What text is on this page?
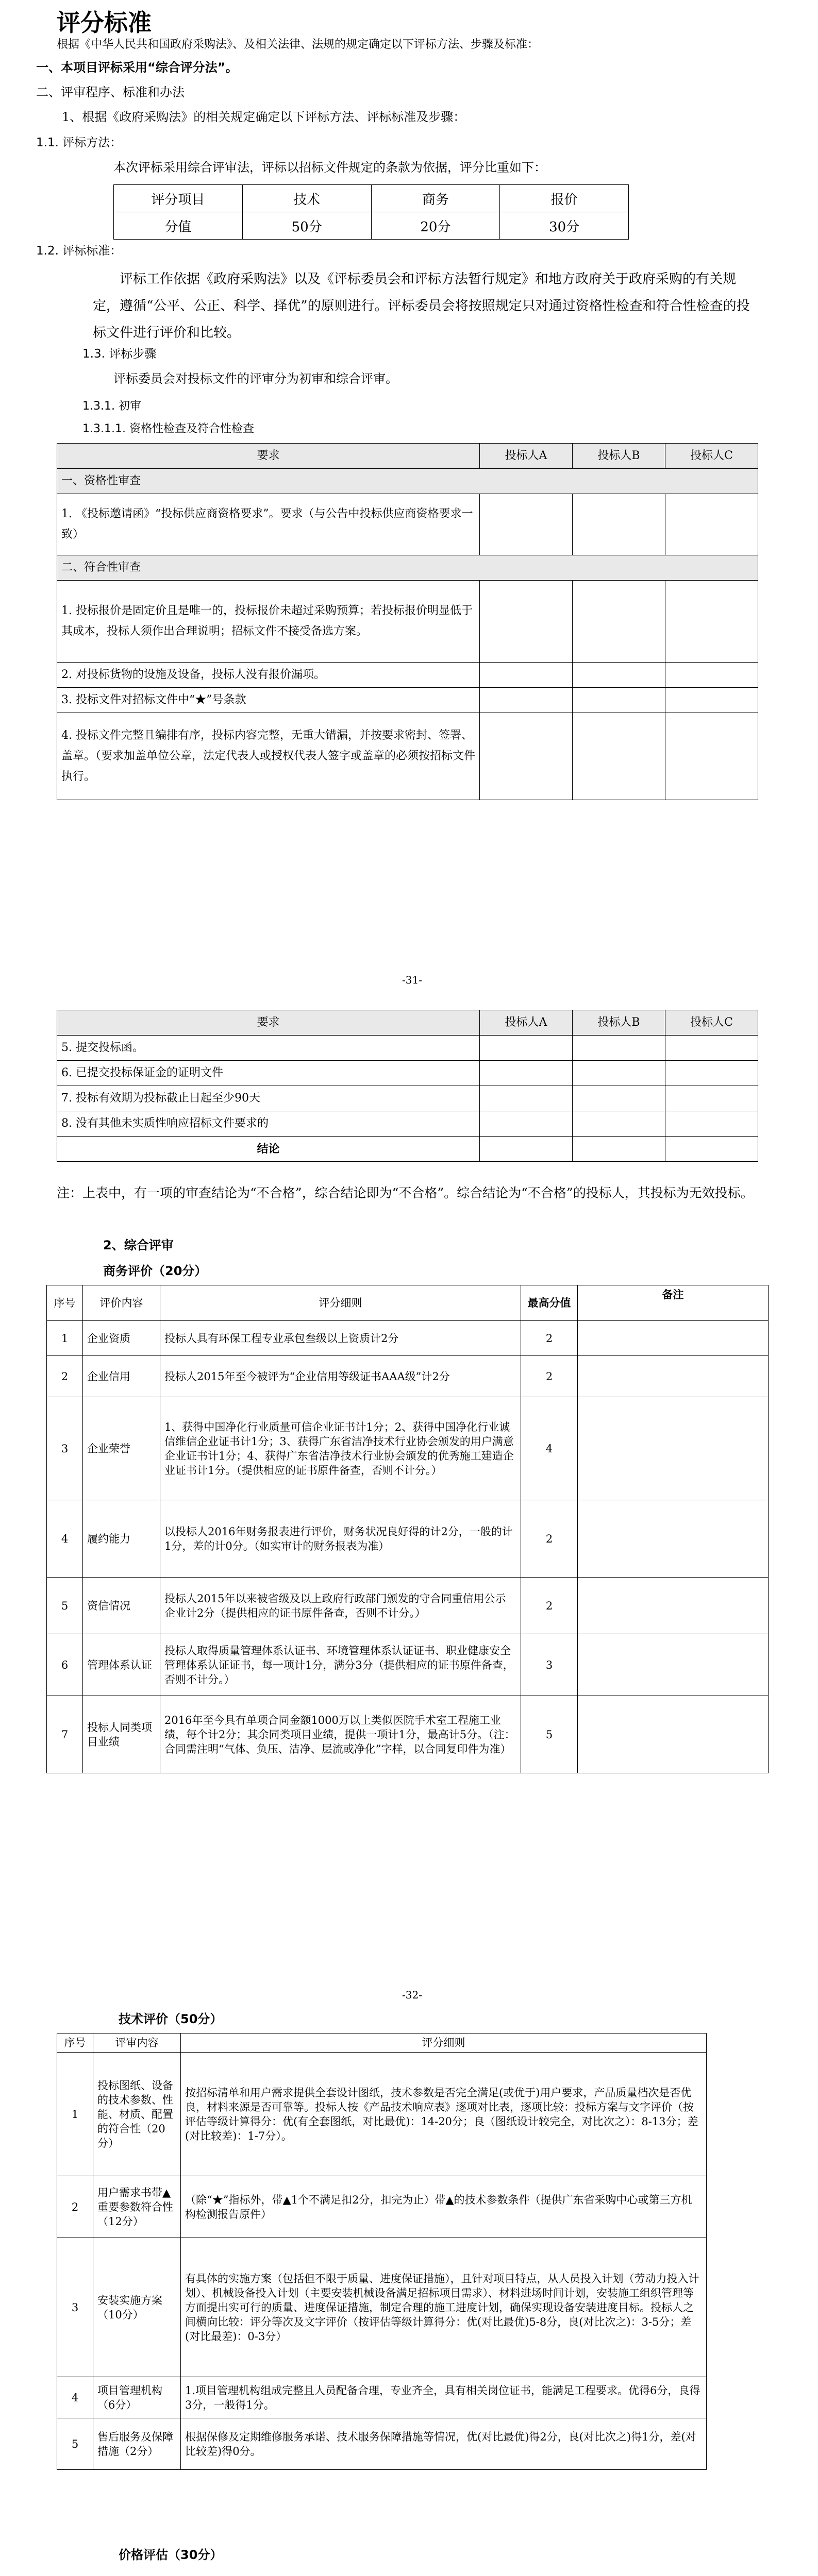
评分标准
根据《中华人民共和国政府采购法》、及相关法律、法规的规定确定以下评标方法、步骤及标准：
一、本项目评标采用“综合评分法”。
二、评审程序、标准和办法
1、根据《政府采购法》的相关规定确定以下评标方法、评标标准及步骤：
1.1. 评标方法：
本次评标采用综合评审法，评标以招标文件规定的条款为依据，评分比重如下：
评分项目	技术	商务	报价
分值	50分	20分	30分
1.2. 评标标准：
评标工作依据《政府采购法》以及《评标委员会和评标方法暂行规定》和地方政府关于政府采购的有关规定，遵循“公平、公正、科学、择优”的原则进行。评标委员会将按照规定只对通过资格性检查和符合性检查的投标文件进行评价和比较。
1.3. 评标步骤
评标委员会对投标文件的评审分为初审和综合评审。
1.3.1. 初审
1.3.1.1. 资格性检查及符合性检查
要求	投标人A	投标人B	投标人C
一、资格性审查			
1. 《投标邀请函》“投标供应商资格要求”。要求（与公告中投标供应商资格要求一致）			
二、符合性审查			
1. 投标报价是固定价且是唯一的，投标报价未超过采购预算；若投标报价明显低于其成本，投标人须作出合理说明；招标文件不接受备选方案。			
2. 对投标货物的设施及设备，投标人没有报价漏项。			
3. 投标文件对招标文件中“★”号条款			
4. 投标文件完整且编排有序，投标内容完整，无重大错漏，并按要求密封、签署、盖章。（要求加盖单位公章，法定代表人或授权代表人签字或盖章的必须按招标文件执行。			
-31-
要求	投标人A	投标人B	投标人C
5. 提交投标函。			
6. 已提交投标保证金的证明文件			
7. 投标有效期为投标截止日起至少90天			
8. 没有其他未实质性响应招标文件要求的			
结论			
注：上表中，有一项的审查结论为“不合格”，综合结论即为“不合格”。综合结论为“不合格”的投标人，其投标为无效投标。
2、综合评审
商务评价（20分）
序号	评价内容	评分细则	最高分值	备注
1	企业资质	投标人具有环保工程专业承包叁级以上资质计2分	2	
2	企业信用	投标人2015年至今被评为“企业信用等级证书AAA级”计2分	2	
3	企业荣誉	1、获得中国净化行业质量可信企业证书计1分；2、获得中国净化行业诚信维信企业证书计1分；3、获得广东省洁净技术行业协会颁发的用户满意企业证书计1分；4、获得广东省洁净技术行业协会颁发的优秀施工建造企业证书计1分。（提供相应的证书原件备查，否则不计分。）	4	
4	履约能力	以投标人2016年财务报表进行评价，财务状况良好得的计2分，一般的计1分，差的计0分。（如实审计的财务报表为准）	2	
5	资信情况	投标人2015年以来被省级及以上政府行政部门颁发的守合同重信用公示企业计2分（提供相应的证书原件备查，否则不计分。）	2	
6	管理体系认证	投标人取得质量管理体系认证书、环境管理体系认证证书、职业健康安全管理体系认证证书，每一项计1分，满分3分（提供相应的证书原件备查，否则不计分。）	3	
7	投标人同类项目业绩	2016年至今具有单项合同金额1000万以上类似医院手术室工程施工业绩，每个计2分；其余同类项目业绩，提供一项计1分，最高计5分。（注：合同需注明“气体、负压、洁净、层流或净化”字样，以合同复印件为准）	5	
-32-
技术评价（50分）
序号	评审内容	评分细则
1	投标图纸、设备的技术参数、性能、材质、配置的符合性（20分）	按招标清单和用户需求提供全套设计图纸，技术参数是否完全满足(或优于)用户要求，产品质量档次是否优良，材料来源是否可靠等。投标人按《产品技术响应表》逐项对比表，逐项比较：投标方案与文字评价（按评估等级计算得分：优(有全套图纸，对比最优)：14-20分；良（图纸设计较完全，对比次之）：8-13分；差(对比较差)：1-7分）。
2	用户需求书带▲重要参数符合性（12分）	（除“★”指标外，带▲1个不满足扣2分，扣完为止）带▲的技术参数条件（提供广东省采购中心或第三方机构检测报告原件）
3	安装实施方案（10分）	有具体的实施方案（包括但不限于质量、进度保证措施），且针对项目特点，从人员投入计划（劳动力投入计划）、机械设备投入计划（主要安装机械设备满足招标项目需求）、材料进场时间计划，安装施工组织管理等方面提出实可行的质量、进度保证措施，制定合理的施工进度计划，确保实现设备安装进度目标。投标人之间横向比较：评分等次及文字评价（按评估等级计算得分：优(对比最优)5-8分，良(对比次之)：3-5分；差(对比最差)：0-3分）
4	项目管理机构（6分）	1.项目管理机构组成完整且人员配备合理，专业齐全，具有相关岗位证书，能满足工程要求。优得6分，良得3分，一般得1分。
5	售后服务及保障措施（2分）	根据保修及定期维修服务承诺、技术服务保障措施等情况，优(对比最优)得2分，良(对比次之)得1分，差(对比较差)得0分。
价格评估（30分）
